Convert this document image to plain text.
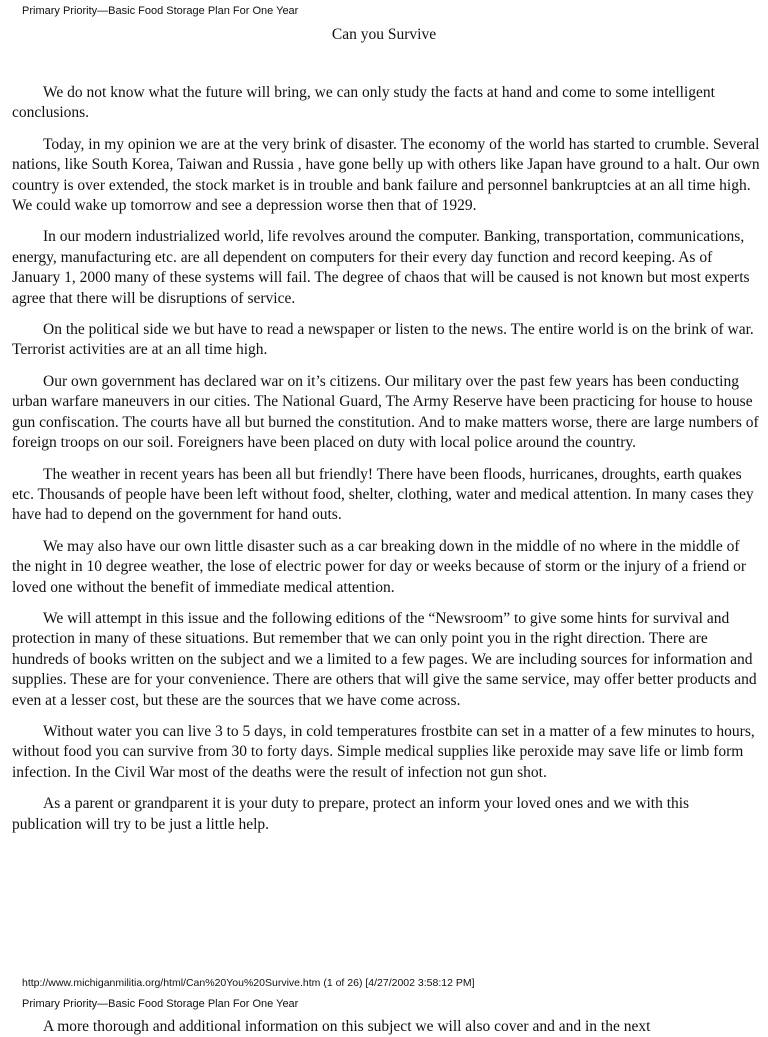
Primary Priority—Basic Food Storage Plan For One Year
Can you Survive

We do not know what the future will bring, we can only study the facts at hand and come to some intelligent conclusions.

Today, in my opinion we are at the very brink of disaster. The economy of the world has started to crumble. Several nations, like South Korea, Taiwan and Russia , have gone belly up with others like Japan have ground to a halt. Our own country is over extended, the stock market is in trouble and bank failure and personnel bankruptcies at an all time high. We could wake up tomorrow and see a depression worse then that of 1929.

In our modern industrialized world, life revolves around the computer. Banking, transportation, communications, energy, manufacturing etc. are all dependent on computers for their every day function and record keeping. As of January 1, 2000 many of these systems will fail. The degree of chaos that will be caused is not known but most experts agree that there will be disruptions of service.

On the political side we but have to read a newspaper or listen to the news. The entire world is on the brink of war. Terrorist activities are at an all time high.

Our own government has declared war on it’s citizens. Our military over the past few years has been conducting urban warfare maneuvers in our cities. The National Guard, The Army Reserve have been practicing for house to house gun confiscation. The courts have all but burned the constitution. And to make matters worse, there are large numbers of foreign troops on our soil. Foreigners have been placed on duty with local police around the country.

The weather in recent years has been all but friendly! There have been floods, hurricanes, droughts, earth quakes etc. Thousands of people have been left without food, shelter, clothing, water and medical attention. In many cases they have had to depend on the government for hand outs.

We may also have our own little disaster such as a car breaking down in the middle of no where in the middle of the night in 10 degree weather, the lose of electric power for day or weeks because of storm or the injury of a friend or loved one without the benefit of immediate medical attention.

We will attempt in this issue and the following editions of the “Newsroom” to give some hints for survival and protection in many of these situations. But remember that we can only point you in the right direction. There are hundreds of books written on the subject and we a limited to a few pages. We are including sources for information and supplies. These are for your convenience. There are others that will give the same service, may offer better products and even at a lesser cost, but these are the sources that we have come across.

Without water you can live 3 to 5 days, in cold temperatures frostbite can set in a matter of a few minutes to hours, without food you can survive from 30 to forty days. Simple medical supplies like peroxide may save life or limb form infection. In the Civil War most of the deaths were the result of infection not gun shot.

As a parent or grandparent it is your duty to prepare, protect an inform your loved ones and we with this publication will try to be just a little help.

http://www.michiganmilitia.org/html/Can%20You%20Survive.htm (1 of 26) [4/27/2002 3:58:12 PM]
Primary Priority—Basic Food Storage Plan For One Year
A more thorough and additional information on this subject we will also cover and and in the next
